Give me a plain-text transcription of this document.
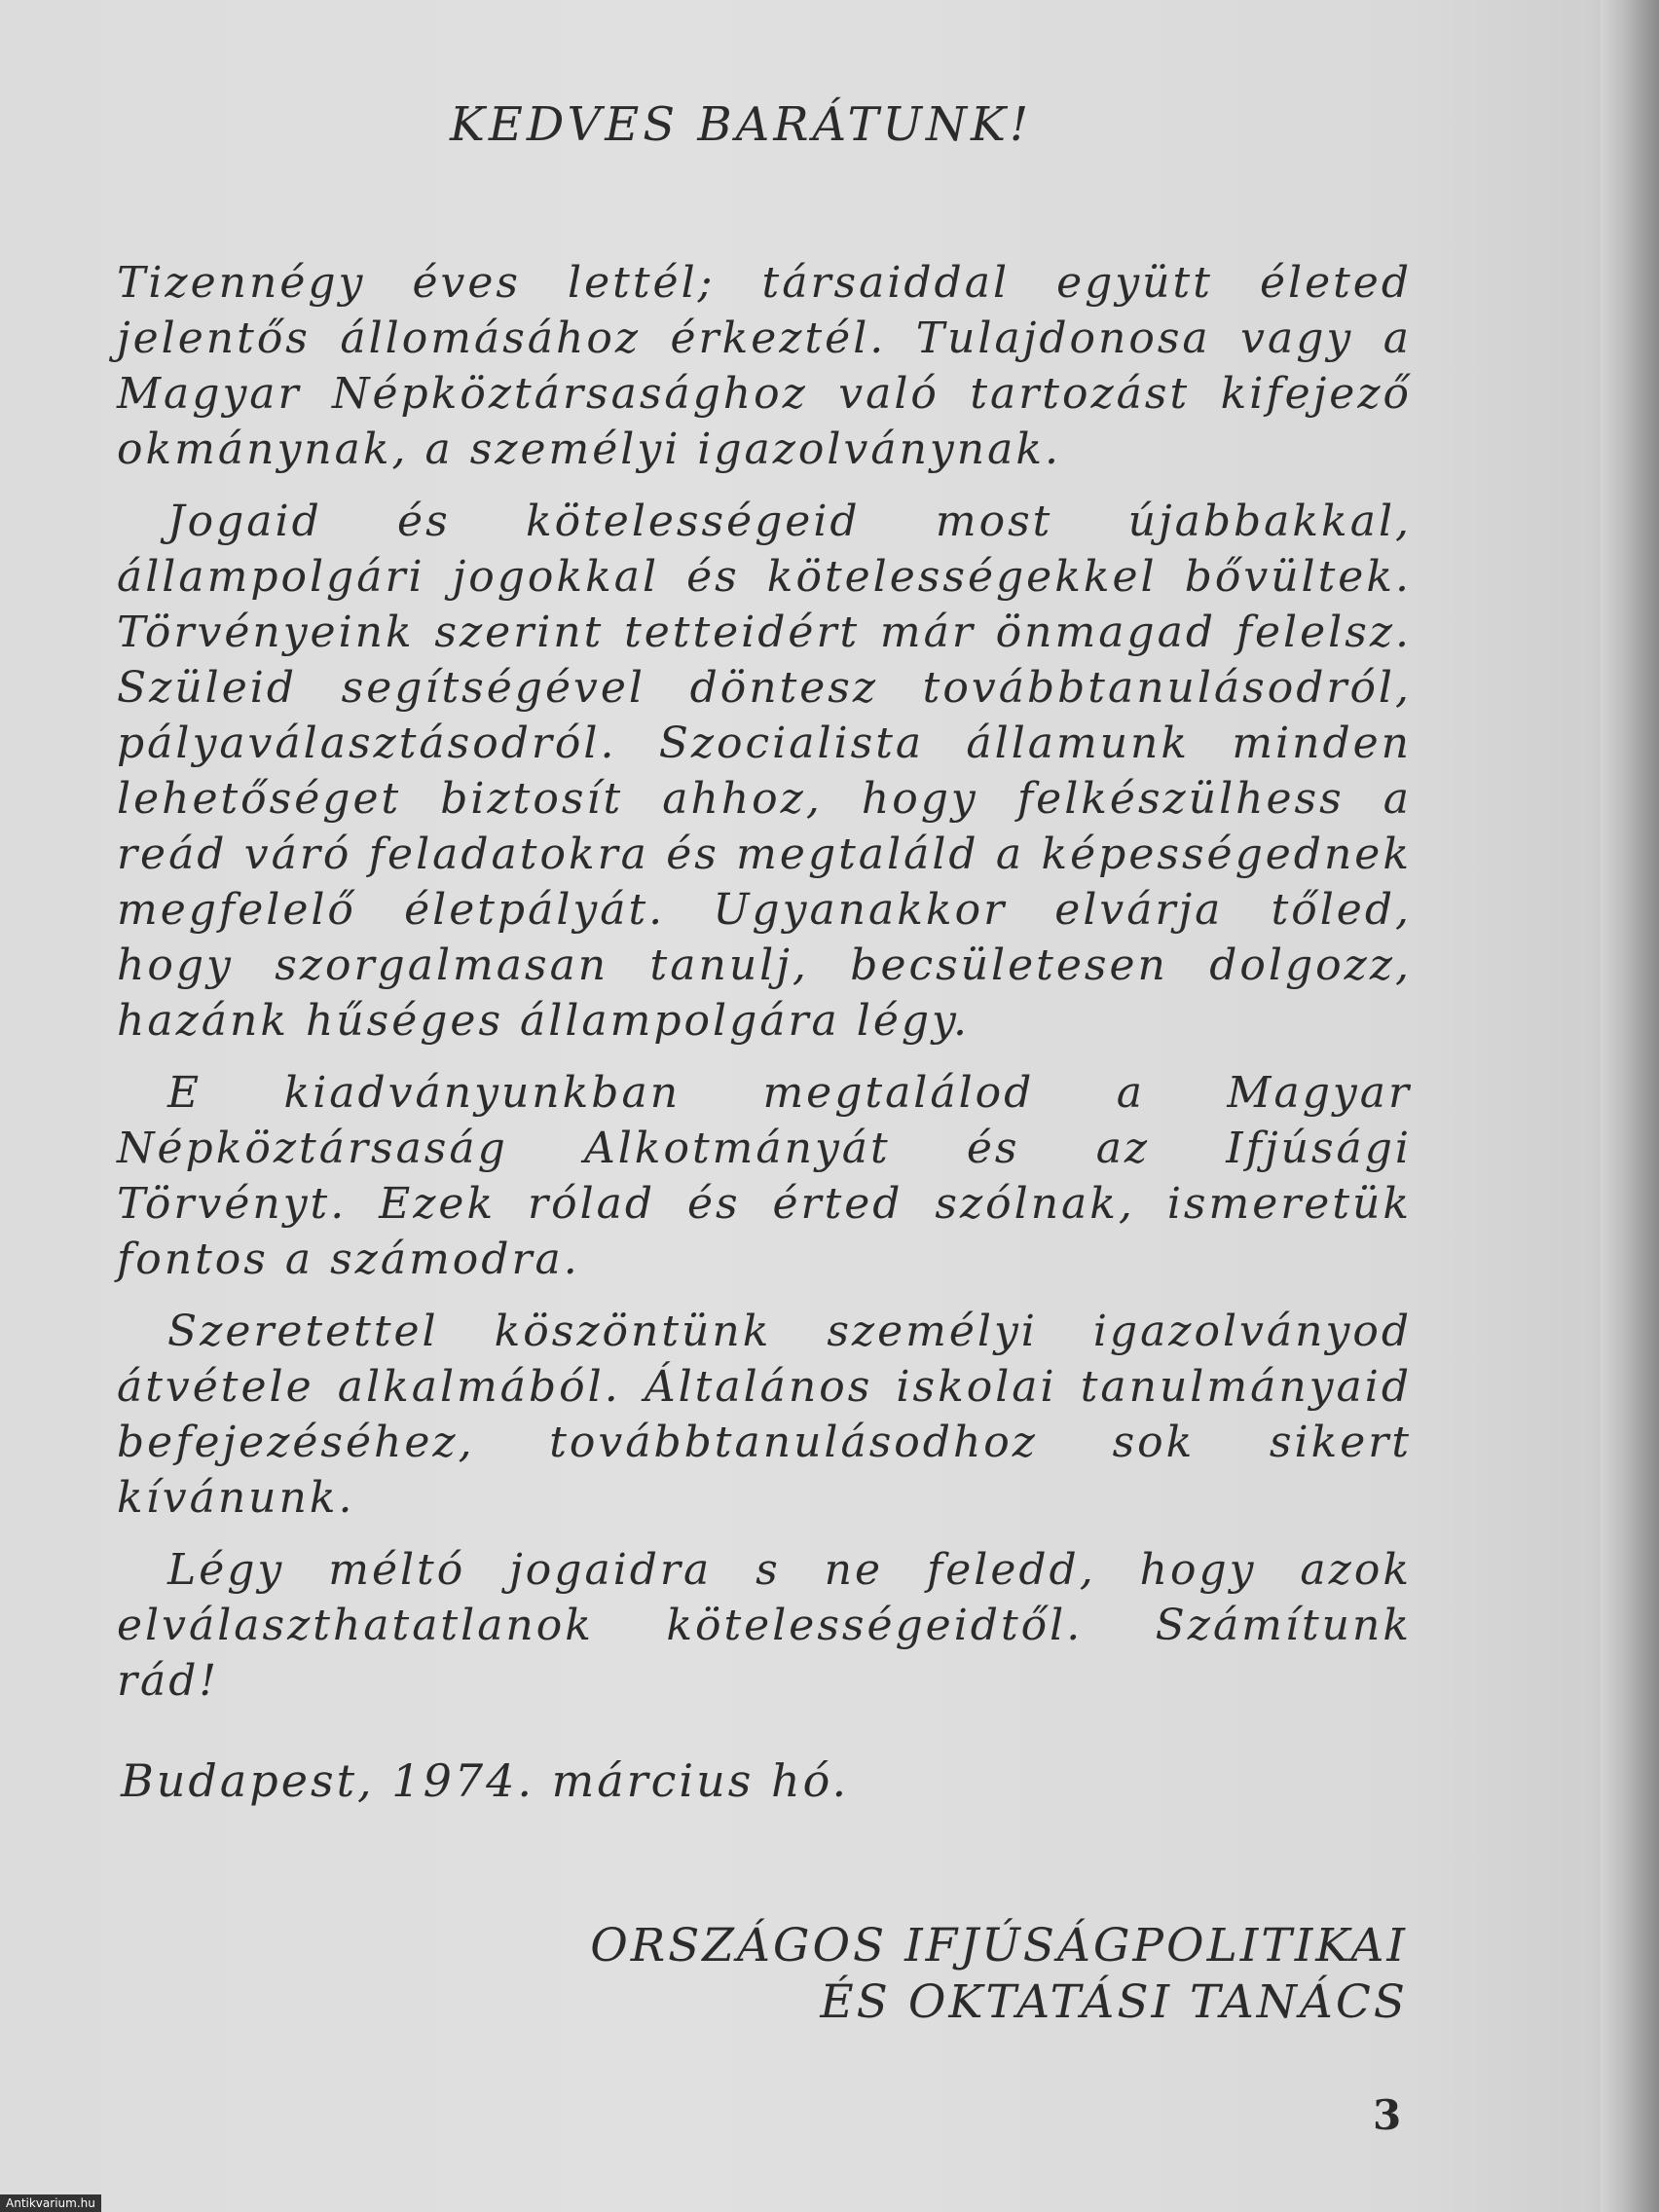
KEDVES BARÁTUNK!

Tizennégy éves lettél; társaiddal együtt életed jelentős állomásához érkeztél. Tulajdonosa vagy a Magyar Népköztársasághoz való tartozást kifejező okmánynak, a személyi igazolványnak.

Jogaid és kötelességeid most újabbakkal, állampolgári jogokkal és kötelességekkel bővültek. Törvényeink szerint tetteidért már önmagad felelsz. Szüleid segítségével döntesz továbbtanulásodról, pályaválasztásodról. Szocialista államunk minden lehetőséget biztosít ahhoz, hogy felkészülhess a reád váró feladatokra és megtaláld a képességednek megfelelő életpályát. Ugyanakkor elvárja tőled, hogy szorgalmasan tanulj, becsületesen dolgozz, hazánk hűséges állampolgára légy.

E kiadványunkban megtalálod a Magyar Népköztársaság Alkotmányát és az Ifjúsági Törvényt. Ezek rólad és érted szólnak, ismeretük fontos a számodra.

Szeretettel köszöntünk személyi igazolványod átvétele alkalmából. Általános iskolai tanulmányaid befejezéséhez, továbbtanulásodhoz sok sikert kívánunk.

Légy méltó jogaidra s ne feledd, hogy azok elválaszthatatlanok kötelességeidtől. Számítunk rád!

Budapest, 1974. március hó.
ORSZÁGOS IFJÚSÁGPOLITIKAI
ÉS OKTATÁSI TANÁCS
3
Antikvarium.hu
